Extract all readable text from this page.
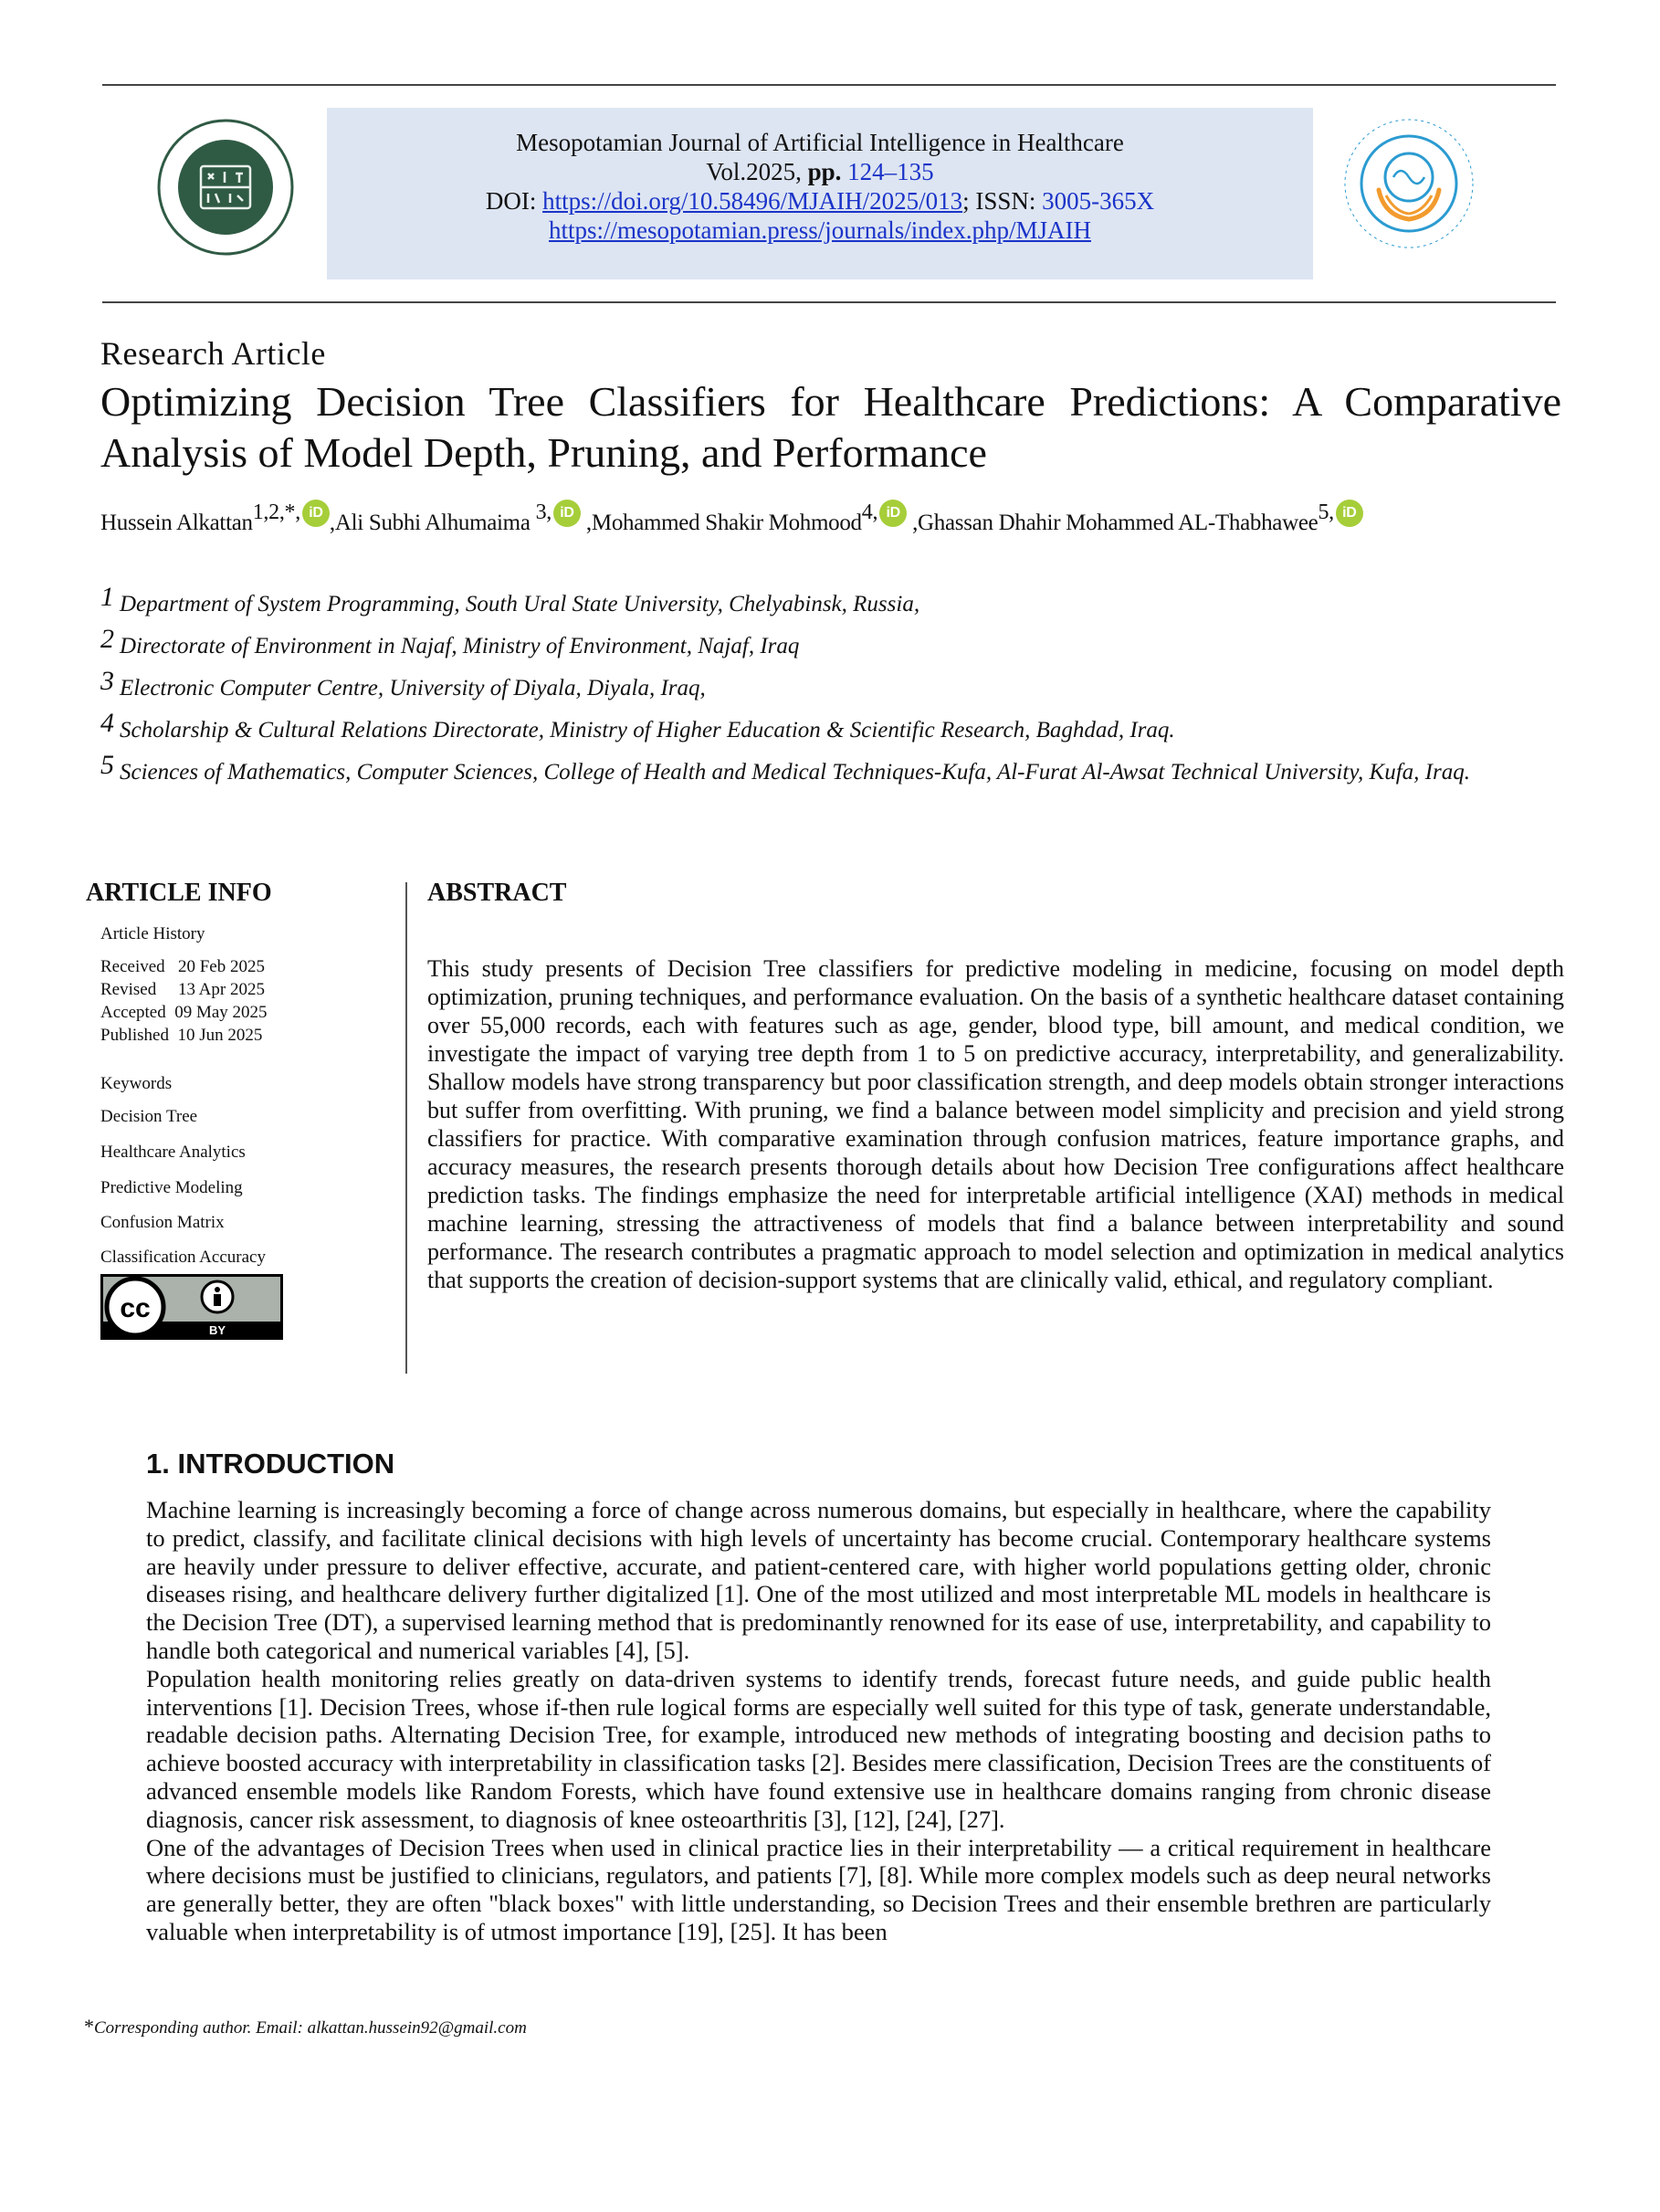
Mesopotamian Journal of Artificial Intelligence in Healthcare
Vol.2025, pp. 124–135
DOI: https://doi.org/10.58496/MJAIH/2025/013; ISSN: 3005-365X
https://mesopotamian.press/journals/index.php/MJAIH
Research Article
Optimizing Decision Tree Classifiers for Healthcare Predictions: A Comparative Analysis of Model Depth, Pruning, and Performance
Hussein Alkattan1,2,*, iD ,Ali Subhi Alhumaima 3, iD ,Mohammed Shakir Mohmood4, iD ,Ghassan Dhahir Mohammed AL-Thabhawee5, iD
1 Department of System Programming, South Ural State University, Chelyabinsk, Russia,
2 Directorate of Environment in Najaf, Ministry of Environment, Najaf, Iraq
3 Electronic Computer Centre, University of Diyala, Diyala, Iraq,
4 Scholarship & Cultural Relations Directorate, Ministry of Higher Education & Scientific Research, Baghdad, Iraq.
5 Sciences of Mathematics, Computer Sciences, College of Health and Medical Techniques-Kufa, Al-Furat Al-Awsat Technical University, Kufa, Iraq.
ARTICLE INFO
Article History
Received 20 Feb 2025
Revised 13 Apr 2025
Accepted 09 May 2025
Published 10 Jun 2025
Keywords
Decision Tree
Healthcare Analytics
Predictive Modeling
Confusion Matrix
Classification Accuracy
cc
BY
ABSTRACT
This study presents of Decision Tree classifiers for predictive modeling in medicine, focusing on model depth optimization, pruning techniques, and performance evaluation. On the basis of a synthetic healthcare dataset containing over 55,000 records, each with features such as age, gender, blood type, bill amount, and medical condition, we investigate the impact of varying tree depth from 1 to 5 on predictive accuracy, interpretability, and generalizability. Shallow models have strong transparency but poor classification strength, and deep models obtain stronger interactions but suffer from overfitting. With pruning, we find a balance between model simplicity and precision and yield strong classifiers for practice. With comparative examination through confusion matrices, feature importance graphs, and accuracy measures, the research presents thorough details about how Decision Tree configurations affect healthcare prediction tasks. The findings emphasize the need for interpretable artificial intelligence (XAI) methods in medical machine learning, stressing the attractiveness of models that find a balance between interpretability and sound performance. The research contributes a pragmatic approach to model selection and optimization in medical analytics that supports the creation of decision-support systems that are clinically valid, ethical, and regulatory compliant.
1. INTRODUCTION

Machine learning is increasingly becoming a force of change across numerous domains, but especially in healthcare, where the capability to predict, classify, and facilitate clinical decisions with high levels of uncertainty has become crucial. Contemporary healthcare systems are heavily under pressure to deliver effective, accurate, and patient-centered care, with higher world populations getting older, chronic diseases rising, and healthcare delivery further digitalized [1]. One of the most utilized and most interpretable ML models in healthcare is the Decision Tree (DT), a supervised learning method that is predominantly renowned for its ease of use, interpretability, and capability to handle both categorical and numerical variables [4], [5].

Population health monitoring relies greatly on data-driven systems to identify trends, forecast future needs, and guide public health interventions [1]. Decision Trees, whose if-then rule logical forms are especially well suited for this type of task, generate understandable, readable decision paths. Alternating Decision Tree, for example, introduced new methods of integrating boosting and decision paths to achieve boosted accuracy with interpretability in classification tasks [2]. Besides mere classification, Decision Trees are the constituents of advanced ensemble models like Random Forests, which have found extensive use in healthcare domains ranging from chronic disease diagnosis, cancer risk assessment, to diagnosis of knee osteoarthritis [3], [12], [24], [27].

One of the advantages of Decision Trees when used in clinical practice lies in their interpretability — a critical requirement in healthcare where decisions must be justified to clinicians, regulators, and patients [7], [8]. While more complex models such as deep neural networks are generally better, they are often "black boxes" with little understanding, so Decision Trees and their ensemble brethren are particularly valuable when interpretability is of utmost importance [19], [25]. It has been

*Corresponding author. Email: alkattan.hussein92@gmail.com
